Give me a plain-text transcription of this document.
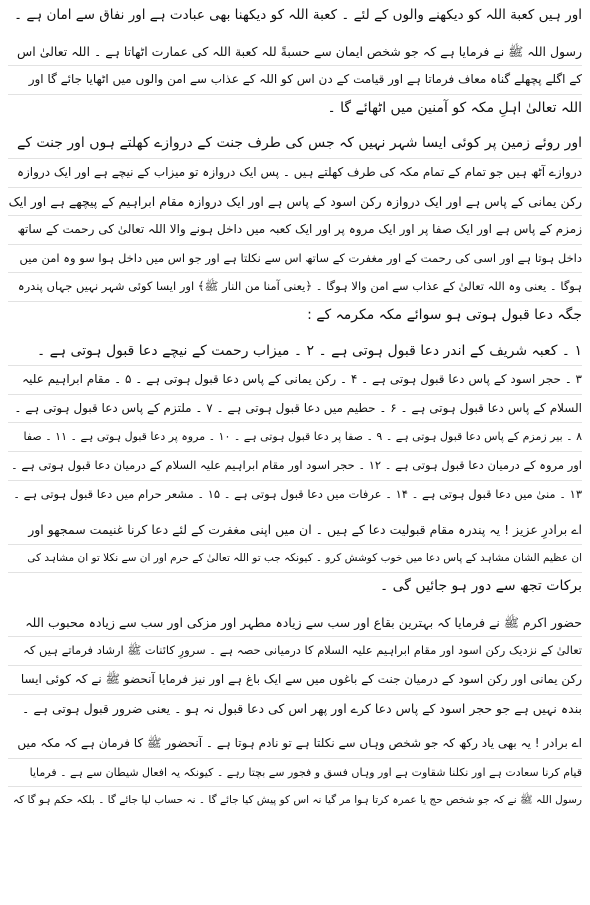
اور ہیں کعبة اللہ کو دیکھنے والوں کے لئے ۔ کعبة اللہ کو دیکھنا بھی عبادت ہے اور نفاق سے امان ہے ۔
رسول اللہ ﷺ نے فرمایا ہے کہ جو شخص ایمان سے حسبةً للہ کعبة اللہ کی عمارت اٹھاتا ہے ۔ اللہ تعالیٰ اس
کے اگلے پچھلے گناہ معاف فرماتا ہے اور قیامت کے دن اس کو اللہ کے عذاب سے امن والوں میں اٹھایا جائے گا اور
اللہ تعالیٰ اہلِ مکہ کو آمنین میں اٹھائے گا ۔
اور روئے زمین پر کوئی ایسا شہر نہیں کہ جس کی طرف جنت کے دروازے کھلتے ہوں اور جنت کے
دروازے آٹھ ہیں جو تمام کے تمام مکہ کی طرف کھلتے ہیں ۔ پس ایک دروازہ تو میزاب کے نیچے ہے اور ایک دروازہ
رکن یمانی کے پاس ہے اور ایک دروازہ رکن اسود کے پاس ہے اور ایک دروازہ مقام ابراہیم کے پیچھے ہے اور ایک
زمزم کے پاس ہے اور ایک صفا پر اور ایک مروہ پر اور ایک کعبہ میں داخل ہونے والا اللہ تعالیٰ کی رحمت کے ساتھ
داخل ہوتا ہے اور اسی کی رحمت کے اور مغفرت کے ساتھ اس سے نکلتا ہے اور جو اس میں داخل ہوا سو وہ امن میں
ہوگا ۔ یعنی وہ اللہ تعالیٰ کے عذاب سے امن والا ہوگا ۔ ﴿یعنی آمنا من النار ﷺ﴾ اور ایسا کوئی شہر نہیں جہاں پندرہ
جگہ دعا قبول ہوتی ہو سوائے مکہ مکرمہ کے :
۱ ۔ کعبہ شریف کے اندر دعا قبول ہوتی ہے ۔ ۲ ۔ میزاب رحمت کے نیچے دعا قبول ہوتی ہے ۔
۳ ۔ حجر اسود کے پاس دعا قبول ہوتی ہے ۔ ۴ ۔ رکن یمانی کے پاس دعا قبول ہوتی ہے ۔ ۵ ۔ مقام ابراہیم علیہ
السلام کے پاس دعا قبول ہوتی ہے ۔ ۶ ۔ حطیم میں دعا قبول ہوتی ہے ۔ ۷ ۔ ملتزم کے پاس دعا قبول ہوتی ہے ۔
۸ ۔ بیر زمزم کے پاس دعا قبول ہوتی ہے ۔ ۹ ۔ صفا پر دعا قبول ہوتی ہے ۔ ۱۰ ۔ مروہ پر دعا قبول ہوتی ہے ۔ ۱۱ ۔ صفا
اور مروہ کے درمیان دعا قبول ہوتی ہے ۔ ۱۲ ۔ حجر اسود اور مقام ابراہیم علیہ السلام کے درمیان دعا قبول ہوتی ہے ۔
۱۳ ۔ منیٰ میں دعا قبول ہوتی ہے ۔ ۱۴ ۔ عرفات میں دعا قبول ہوتی ہے ۔ ۱۵ ۔ مشعر حرام میں دعا قبول ہوتی ہے ۔
اے برادرِ عزیز ! یہ پندرہ مقام قبولیت دعا کے ہیں ۔ ان میں اپنی مغفرت کے لئے دعا کرنا غنیمت سمجھو اور
ان عظیم الشان مشاہد کے پاس دعا میں خوب کوشش کرو ۔ کیونکہ جب تو اللہ تعالیٰ کے حرم اور ان سے نکلا تو ان مشاہد کی
برکات تجھ سے دور ہو جائیں گی ۔
حضور اکرم ﷺ نے فرمایا کہ بہترین بقاع اور سب سے زیادہ مطہر اور مزکی اور سب سے زیادہ محبوب اللہ
تعالیٰ کے نزدیک رکن اسود اور مقام ابراہیم علیہ السلام کا درمیانی حصہ ہے ۔ سرورِ کائنات ﷺ ارشاد فرماتے ہیں کہ
رکن یمانی اور رکن اسود کے درمیان جنت کے باغوں میں سے ایک باغ ہے اور نیز فرمایا آنحضو ﷺ نے کہ کوئی ایسا
بندہ نہیں ہے جو حجر اسود کے پاس دعا کرے اور پھر اس کی دعا قبول نہ ہو ۔ یعنی ضرور قبول ہوتی ہے ۔
اے برادر ! یہ بھی یاد رکھ کہ جو شخص وہاں سے نکلتا ہے تو نادم ہوتا ہے ۔ آنحضور ﷺ کا فرمان ہے کہ مکہ میں
قیام کرنا سعادت ہے اور نکلنا شقاوت ہے اور وہاں فسق و فجور سے بچتا رہے ۔ کیونکہ یہ افعال شیطان سے ہے ۔ فرمایا
رسول اللہ ﷺ نے کہ جو شخص حج یا عمرہ کرتا ہوا مر گیا نہ اس کو پیش کیا جائے گا ۔ نہ حساب لیا جائے گا ۔ بلکہ حکم ہو گا کہ
